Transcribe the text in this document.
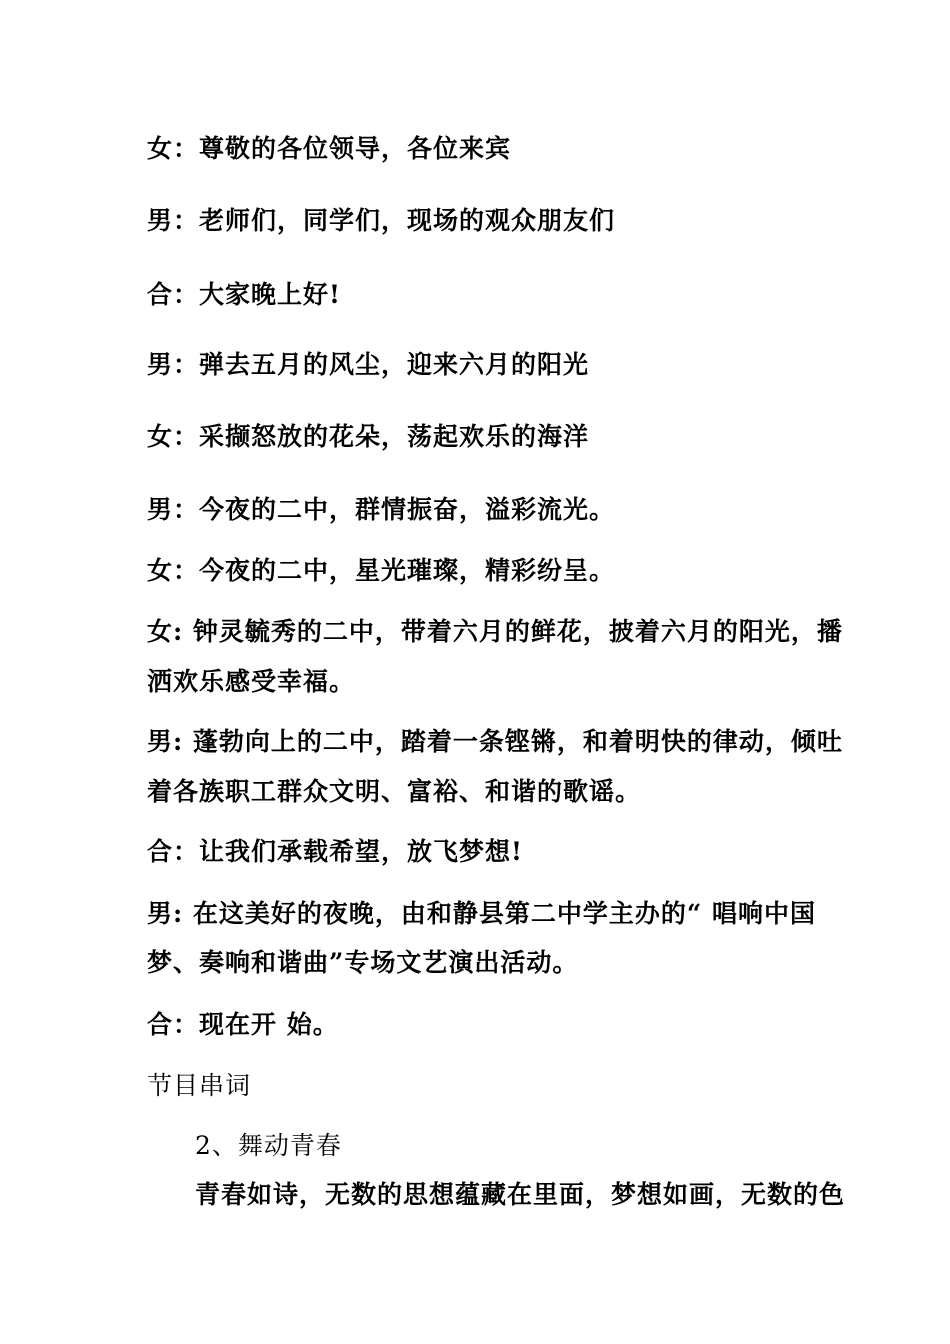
女：尊敬的各位领导，各位来宾
男：老师们，同学们，现场的观众朋友们
合：大家晚上好!
男：弹去五月的风尘，迎来六月的阳光
女：采撷怒放的花朵，荡起欢乐的海洋
男：今夜的二中，群情振奋，溢彩流光。
女：今夜的二中，星光璀璨，精彩纷呈。
女: 钟灵毓秀的二中，带着六月的鲜花，披着六月的阳光，播
洒欢乐感受幸福。
男: 蓬勃向上的二中，踏着一条铿锵，和着明快的律动，倾吐
着各族职工群众文明、富裕、和谐的歌谣。
合：让我们承载希望，放飞梦想!
男: 在这美好的夜晚，由和静县第二中学主办的“ 唱响中国
梦、奏响和谐曲”专场文艺演出活动。
合：现在开 始。
节目串词
2、舞动青春
青春如诗，无数的思想蕴藏在里面，梦想如画，无数的色
